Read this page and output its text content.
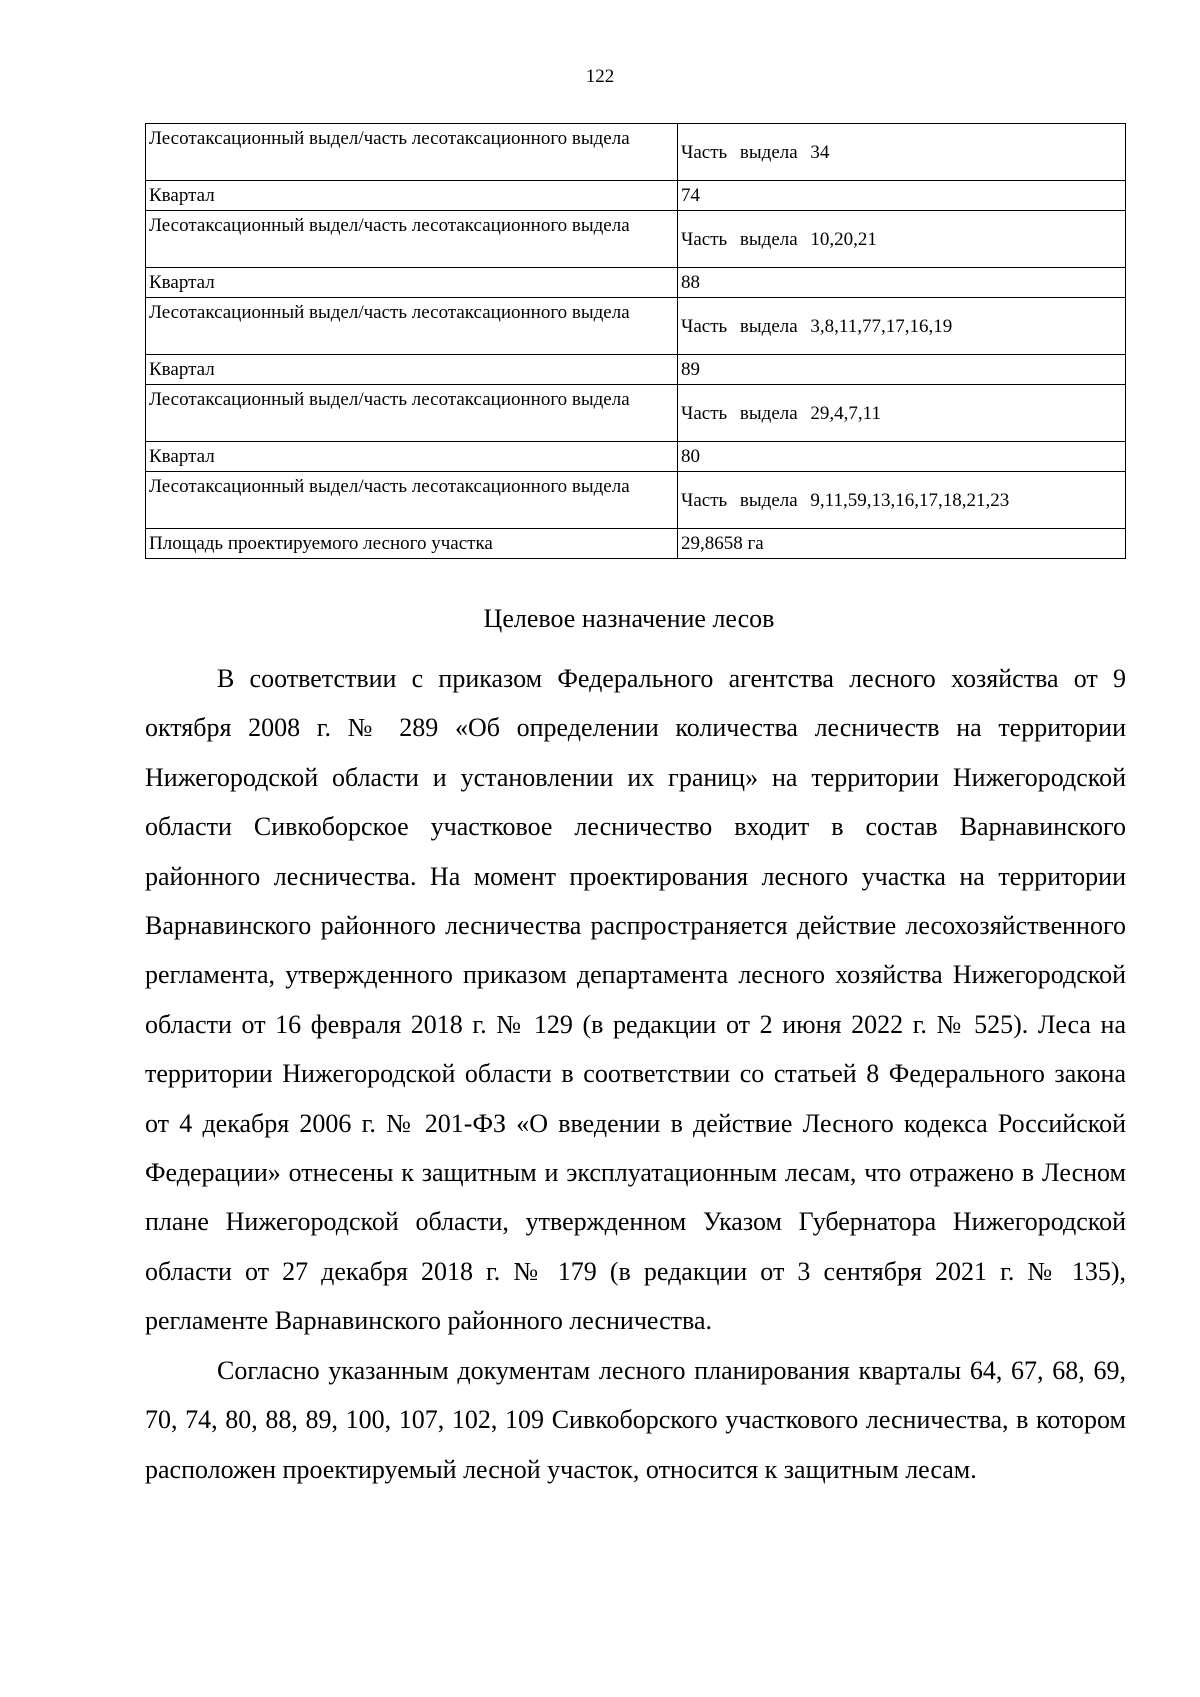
122
Лесотаксационный выдел/часть лесотаксационного выдела	Часть выдела 34
Квартал	74
Лесотаксационный выдел/часть лесотаксационного выдела	Часть выдела 10,20,21
Квартал	88
Лесотаксационный выдел/часть лесотаксационного выдела	Часть выдела 3,8,11,77,17,16,19
Квартал	89
Лесотаксационный выдел/часть лесотаксационного выдела	Часть выдела 29,4,7,11
Квартал	80
Лесотаксационный выдел/часть лесотаксационного выдела	Часть выдела 9,11,59,13,16,17,18,21,23
Площадь проектируемого лесного участка	29,8658 га
Целевое назначение лесов

В соответствии с приказом Федерального агентства лесного хозяйства от 9 октября 2008 г. № 289 «Об определении количества лесничеств на территории Нижегородской области и установлении их границ» на территории Нижегородской области Сивкоборское участковое лесничество входит в состав Варнавинского районного лесничества. На момент проектирования лесного участка на территории Варнавинского районного лесничества распространяется действие лесохозяйственного регламента, утвержденного приказом департамента лесного хозяйства Нижегородской области от 16 февраля 2018 г. № 129 (в редакции от 2 июня 2022 г. № 525). Леса на территории Нижегородской области в соответствии со статьей 8 Федерального закона от 4 декабря 2006 г. № 201-ФЗ «О введении в действие Лесного кодекса Российской Федерации» отнесены к защитным и эксплуатационным лесам, что отражено в Лесном плане Нижегородской области, утвержденном Указом Губернатора Нижегородской области от 27 декабря 2018 г. № 179 (в редакции от 3 сентября 2021 г. № 135), регламенте Варнавинского районного лесничества.

Согласно указанным документам лесного планирования кварталы 64, 67, 68, 69, 70, 74, 80, 88, 89, 100, 107, 102, 109 Сивкоборского участкового лесничества, в котором расположен проектируемый лесной участок, относится к защитным лесам.
